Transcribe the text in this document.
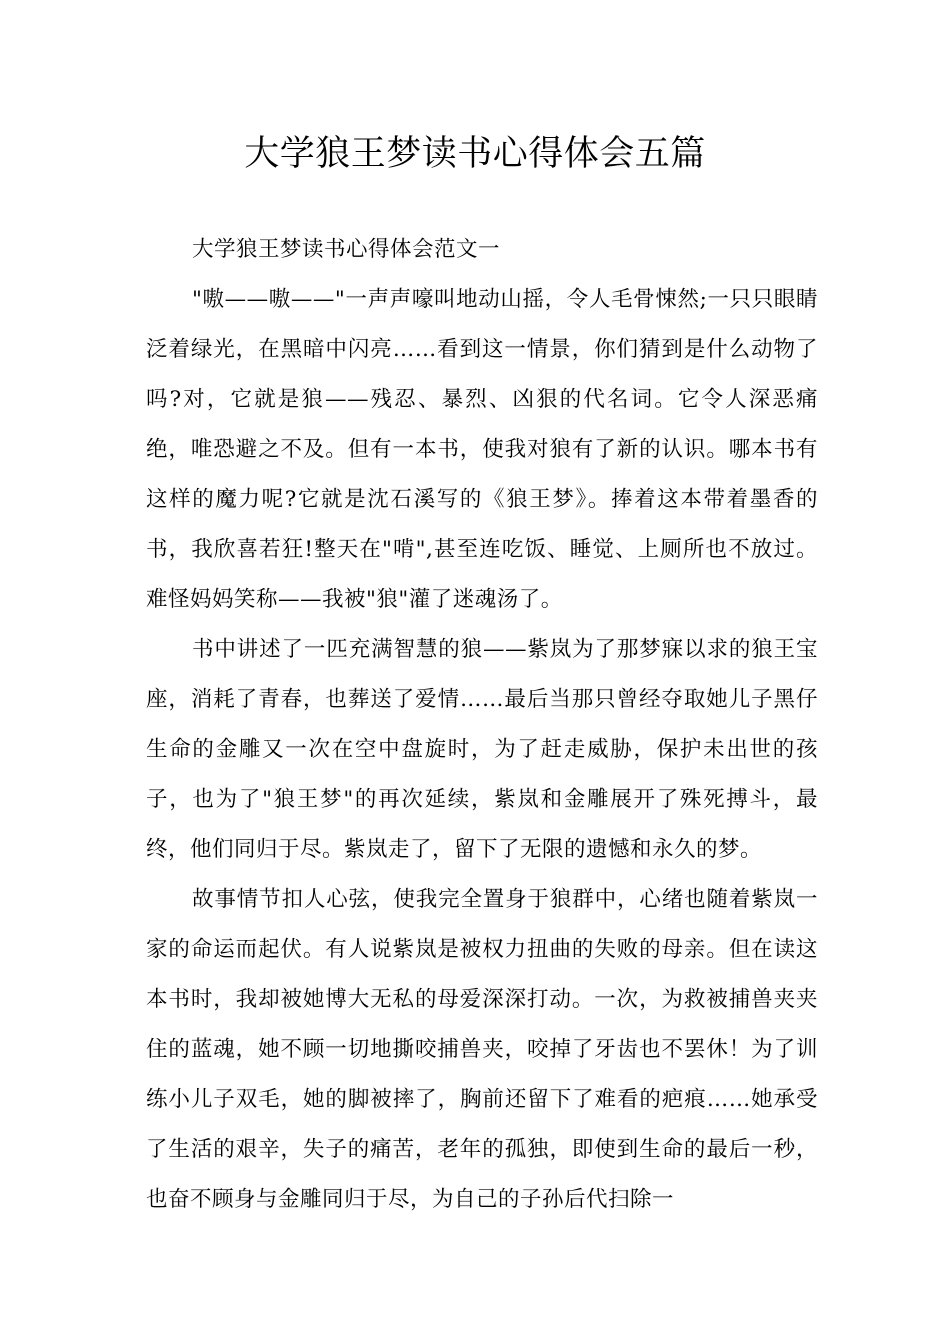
大学狼王梦读书心得体会五篇

大学狼王梦读书心得体会范文一

"嗷——嗷——"一声声嚎叫地动山摇，令人毛骨悚然;一只只眼睛泛着绿光，在黑暗中闪亮……看到这一情景，你们猜到是什么动物了吗?对，它就是狼——残忍、暴烈、凶狠的代名词。它令人深恶痛绝，唯恐避之不及。但有一本书，使我对狼有了新的认识。哪本书有这样的魔力呢?它就是沈石溪写的《狼王梦》。捧着这本带着墨香的书，我欣喜若狂!整天在"啃",甚至连吃饭、睡觉、上厕所也不放过。难怪妈妈笑称——我被"狼"灌了迷魂汤了。

书中讲述了一匹充满智慧的狼——紫岚为了那梦寐以求的狼王宝座，消耗了青春，也葬送了爱情……最后当那只曾经夺取她儿子黑仔生命的金雕又一次在空中盘旋时，为了赶走威胁，保护未出世的孩子，也为了"狼王梦"的再次延续，紫岚和金雕展开了殊死搏斗，最终，他们同归于尽。紫岚走了，留下了无限的遗憾和永久的梦。

故事情节扣人心弦，使我完全置身于狼群中，心绪也随着紫岚一家的命运而起伏。有人说紫岚是被权力扭曲的失败的母亲。但在读这本书时，我却被她博大无私的母爱深深打动。一次，为救被捕兽夹夹住的蓝魂，她不顾一切地撕咬捕兽夹，咬掉了牙齿也不罢休！为了训练小儿子双毛，她的脚被摔了，胸前还留下了难看的疤痕……她承受了生活的艰辛，失子的痛苦，老年的孤独，即使到生命的最后一秒，也奋不顾身与金雕同归于尽，为自己的子孙后代扫除一
